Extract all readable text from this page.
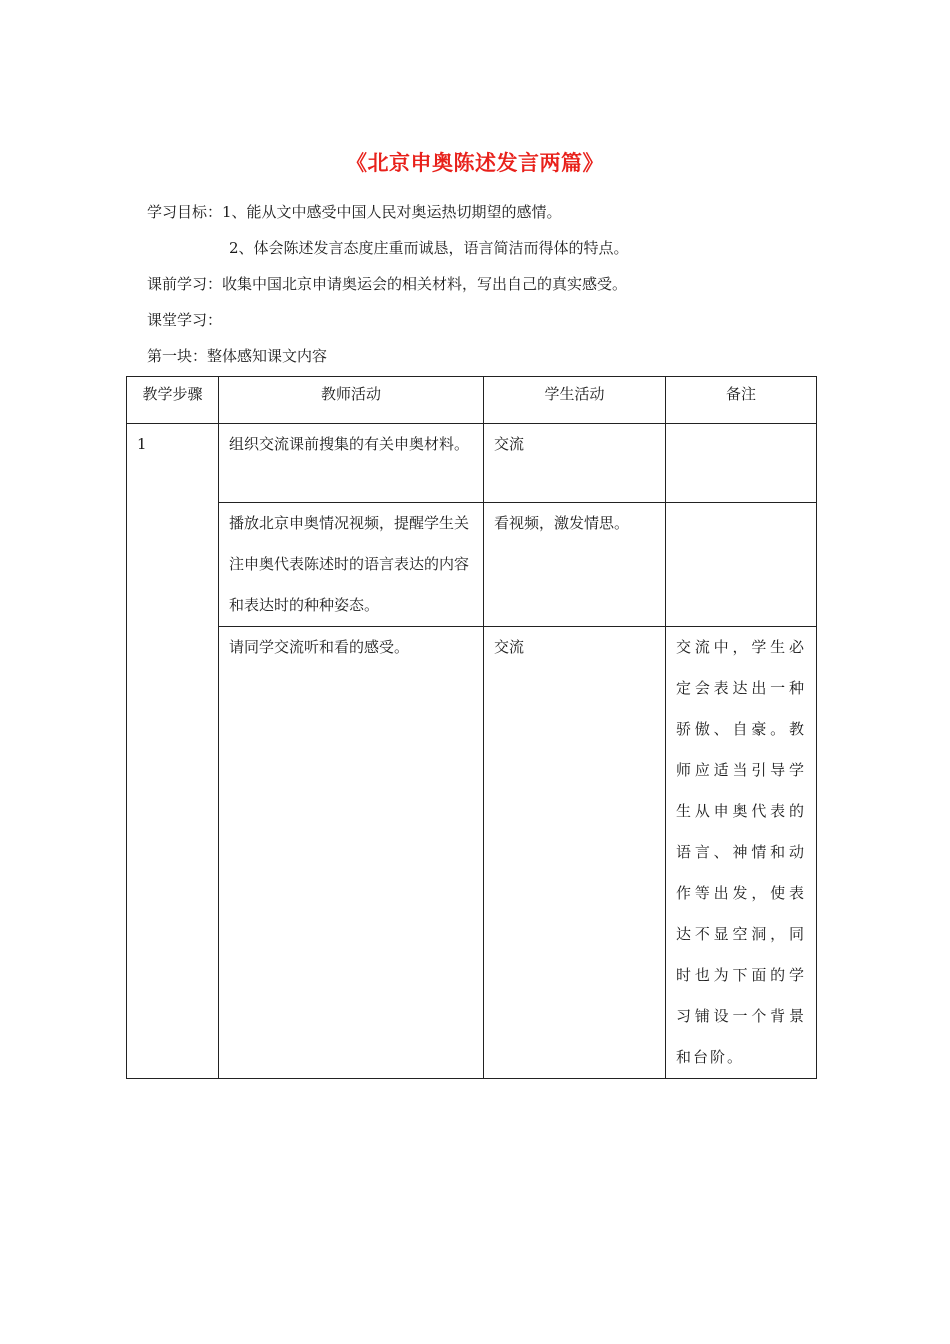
《北京申奥陈述发言两篇》
学习目标：1、能从文中感受中国人民对奥运热切期望的感情。
2、体会陈述发言态度庄重而诚恳，语言简洁而得体的特点。
课前学习：收集中国北京申请奥运会的相关材料，写出自己的真实感受。
课堂学习：
第一块：整体感知课文内容
教学步骤	教师活动	学生活动	备注

1	组织交流课前搜集的有关申奥材料。	交流	

	播放北京申奥情况视频，提醒学生关注申奥代表陈述时的语言表达的内容和表达时的种种姿态。	看视频，激发情思。	

	请同学交流听和看的感受。	交流	交流中，学生必定会表达出一种骄傲、自豪。教师应适当引导学生从申奥代表的语言、神情和动作等出发，使表达不显空洞，同时也为下面的学习铺设一个背景和台阶。
